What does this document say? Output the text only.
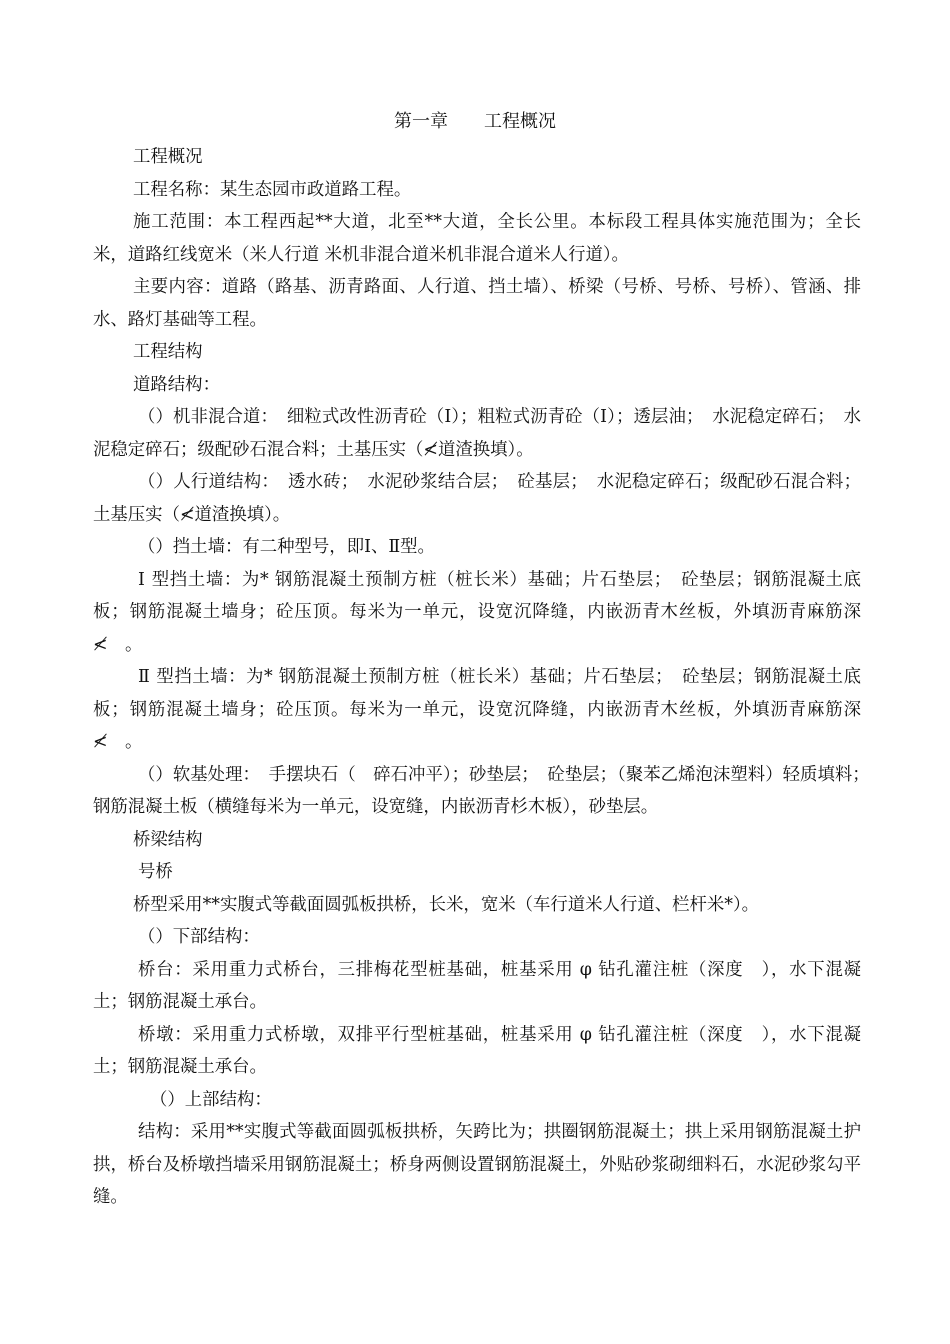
第一章　　工程概况

工程概况

工程名称：某生态园市政道路工程。

施工范围：本工程西起**大道，北至**大道，全长公里。本标段工程具体实施范围为；全长米，道路红线宽米（米人行道 米机非混合道米机非混合道米人行道）。

主要内容：道路（路基、沥青路面、人行道、挡土墙）、桥梁（号桥、号桥、号桥）、管涵、排水、路灯基础等工程。

工程结构

道路结构：

（）机非混合道：　细粒式改性沥青砼（Ⅰ）；粗粒式沥青砼（Ⅰ）；透层油；　水泥稳定碎石；　水泥稳定碎石；级配砂石混合料；土基压实（≮道渣换填）。

（）人行道结构：　透水砖；　水泥砂浆结合层；　砼基层；　水泥稳定碎石；级配砂石混合料；土基压实（≮道渣换填）。

（）挡土墙：有二种型号，即Ⅰ、Ⅱ型。

Ⅰ 型挡土墙：为* 钢筋混凝土预制方桩（桩长米）基础；片石垫层；　砼垫层；钢筋混凝土底板；钢筋混凝土墙身；砼压顶。每米为一单元，设宽沉降缝，内嵌沥青木丝板，外填沥青麻筋深≮　。

Ⅱ 型挡土墙：为* 钢筋混凝土预制方桩（桩长米）基础；片石垫层；　砼垫层；钢筋混凝土底板；钢筋混凝土墙身；砼压顶。每米为一单元，设宽沉降缝，内嵌沥青木丝板，外填沥青麻筋深≮　。

（）软基处理：　手摆块石（　碎石冲平）；砂垫层；　砼垫层；（聚苯乙烯泡沫塑料）轻质填料；　钢筋混凝土板（横缝每米为一单元，设宽缝，内嵌沥青杉木板），砂垫层。

桥梁结构

号桥

桥型采用**实腹式等截面圆弧板拱桥，长米，宽米（车行道米人行道、栏杆米*）。

（）下部结构：

桥台：采用重力式桥台，三排梅花型桩基础，桩基采用 φ 钻孔灌注桩（深度　），水下混凝土；钢筋混凝土承台。

桥墩：采用重力式桥墩，双排平行型桩基础，桩基采用 φ 钻孔灌注桩（深度　），水下混凝土；钢筋混凝土承台。

（）上部结构：

结构：采用**实腹式等截面圆弧板拱桥，矢跨比为；拱圈钢筋混凝土；拱上采用钢筋混凝土护拱，桥台及桥墩挡墙采用钢筋混凝土；桥身两侧设置钢筋混凝土，外贴砂浆砌细料石，水泥砂浆勾平缝。
